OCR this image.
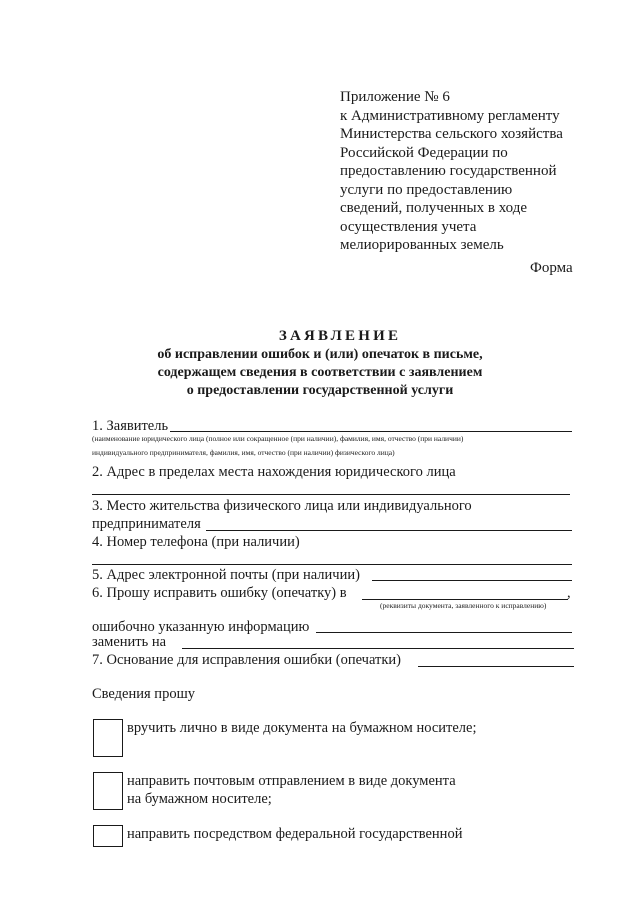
Приложение № 6
к Административному регламенту
Министерства сельского хозяйства
Российской Федерации по
предоставлению государственной
услуги по предоставлению
сведений, полученных в ходе
осуществления учета
мелиорированных земель
Форма
ЗАЯВЛЕНИЕ
об исправлении ошибок и (или) опечаток в письме,
содержащем сведения в соответствии с заявлением
о предоставлении государственной услуги
1. Заявитель
(наименование юридического лица (полное или сокращенное (при наличии), фамилия, имя, отчество (при наличии)
индивидуального предпринимателя, фамилия, имя, отчество (при наличии) физического лица)
2. Адрес в пределах места нахождения юридического лица
3. Место жительства физического лица или индивидуального
предпринимателя
4. Номер телефона (при наличии)
5. Адрес электронной почты (при наличии)
6. Прошу исправить ошибку (опечатку) в	,
(реквизиты документа, заявленного к исправлению)
ошибочно указанную информацию
заменить на
7. Основание для исправления ошибки (опечатки)
Сведения прошу
вручить лично в виде документа на бумажном носителе;
направить почтовым отправлением в виде документа
на бумажном носителе;
направить посредством федеральной государственной
